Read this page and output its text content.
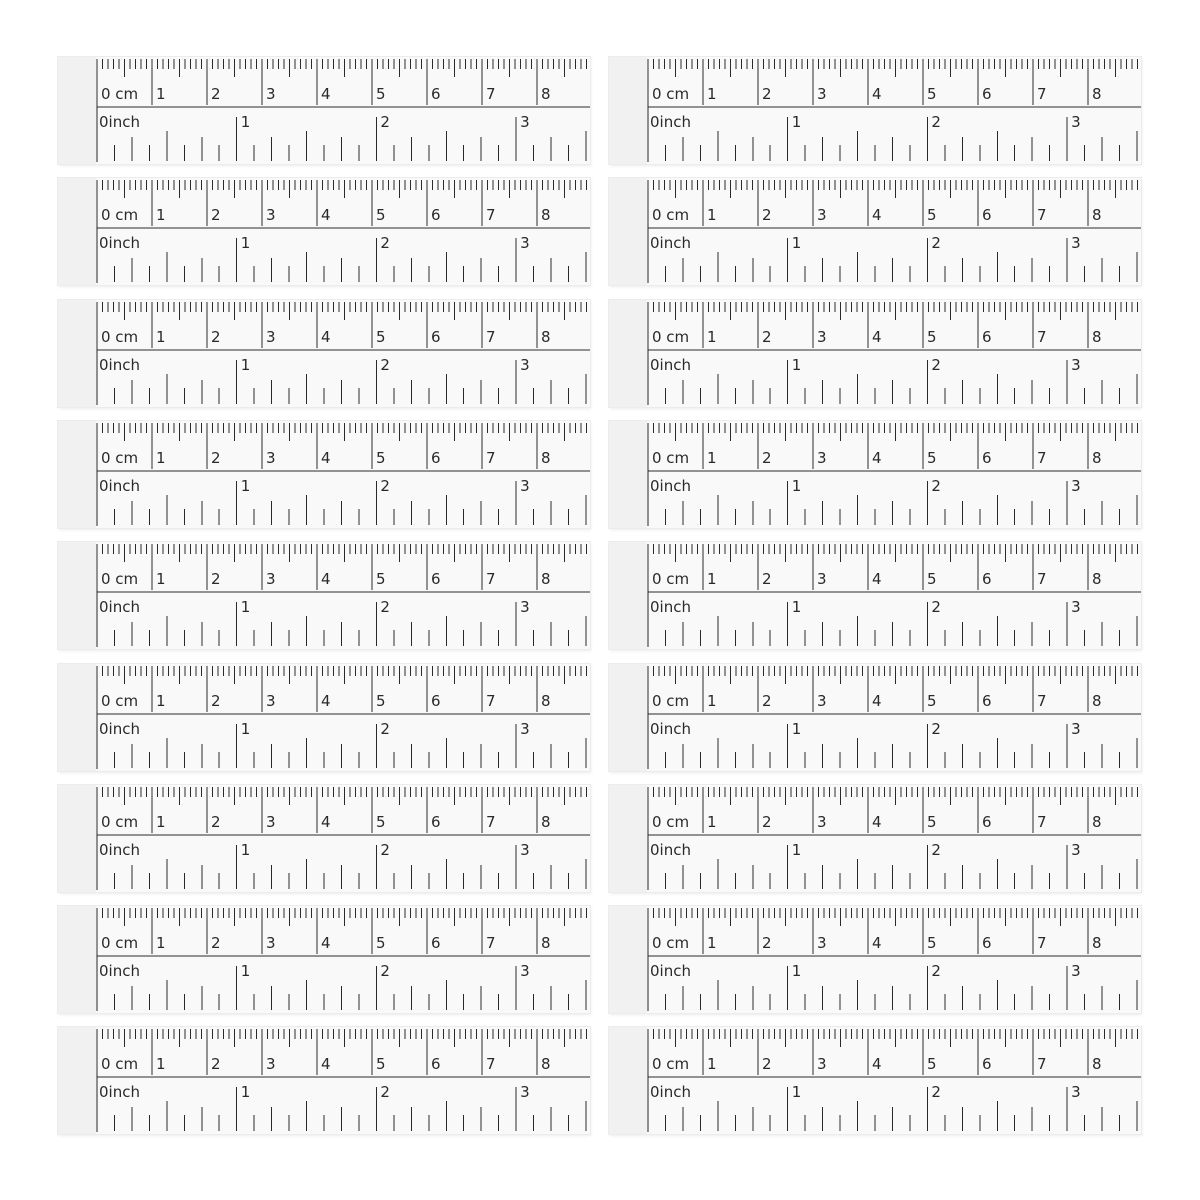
0 cm 1	2	3	4	5	6	7	8
0inch	1	2	3
0 cm 1	2	3	4	5	6	7	8
0inch	1	2	3
0 cm 1	2	3	4	5	6	7	8
0inch	1	2	3
0 cm 1	2	3	4	5	6	7	8
0inch	1	2	3
0 cm 1	2	3	4	5	6	7	8
0inch	1	2	3
0 cm 1	2	3	4	5	6	7	8
0inch	1	2	3
0 cm 1	2	3	4	5	6	7	8
0inch	1	2	3
0 cm 1	2	3	4	5	6	7	8
0inch	1	2	3
0 cm 1	2	3	4	5	6	7	8
0inch	1	2	3
0 cm 1	2	3	4	5	6	7	8
0inch	1	2	3
0 cm 1	2	3	4	5	6	7	8
0inch	1	2	3
0 cm 1	2	3	4	5	6	7	8
0inch	1	2	3
0 cm 1	2	3	4	5	6	7	8
0inch	1	2	3
0 cm 1	2	3	4	5	6	7	8
0inch	1	2	3
0 cm 1	2	3	4	5	6	7	8
0inch	1	2	3
0 cm 1	2	3	4	5	6	7	8
0inch	1	2	3
0 cm 1	2	3	4	5	6	7	8
0inch	1	2	3
0 cm 1	2	3	4	5	6	7	8
0inch	1	2	3
